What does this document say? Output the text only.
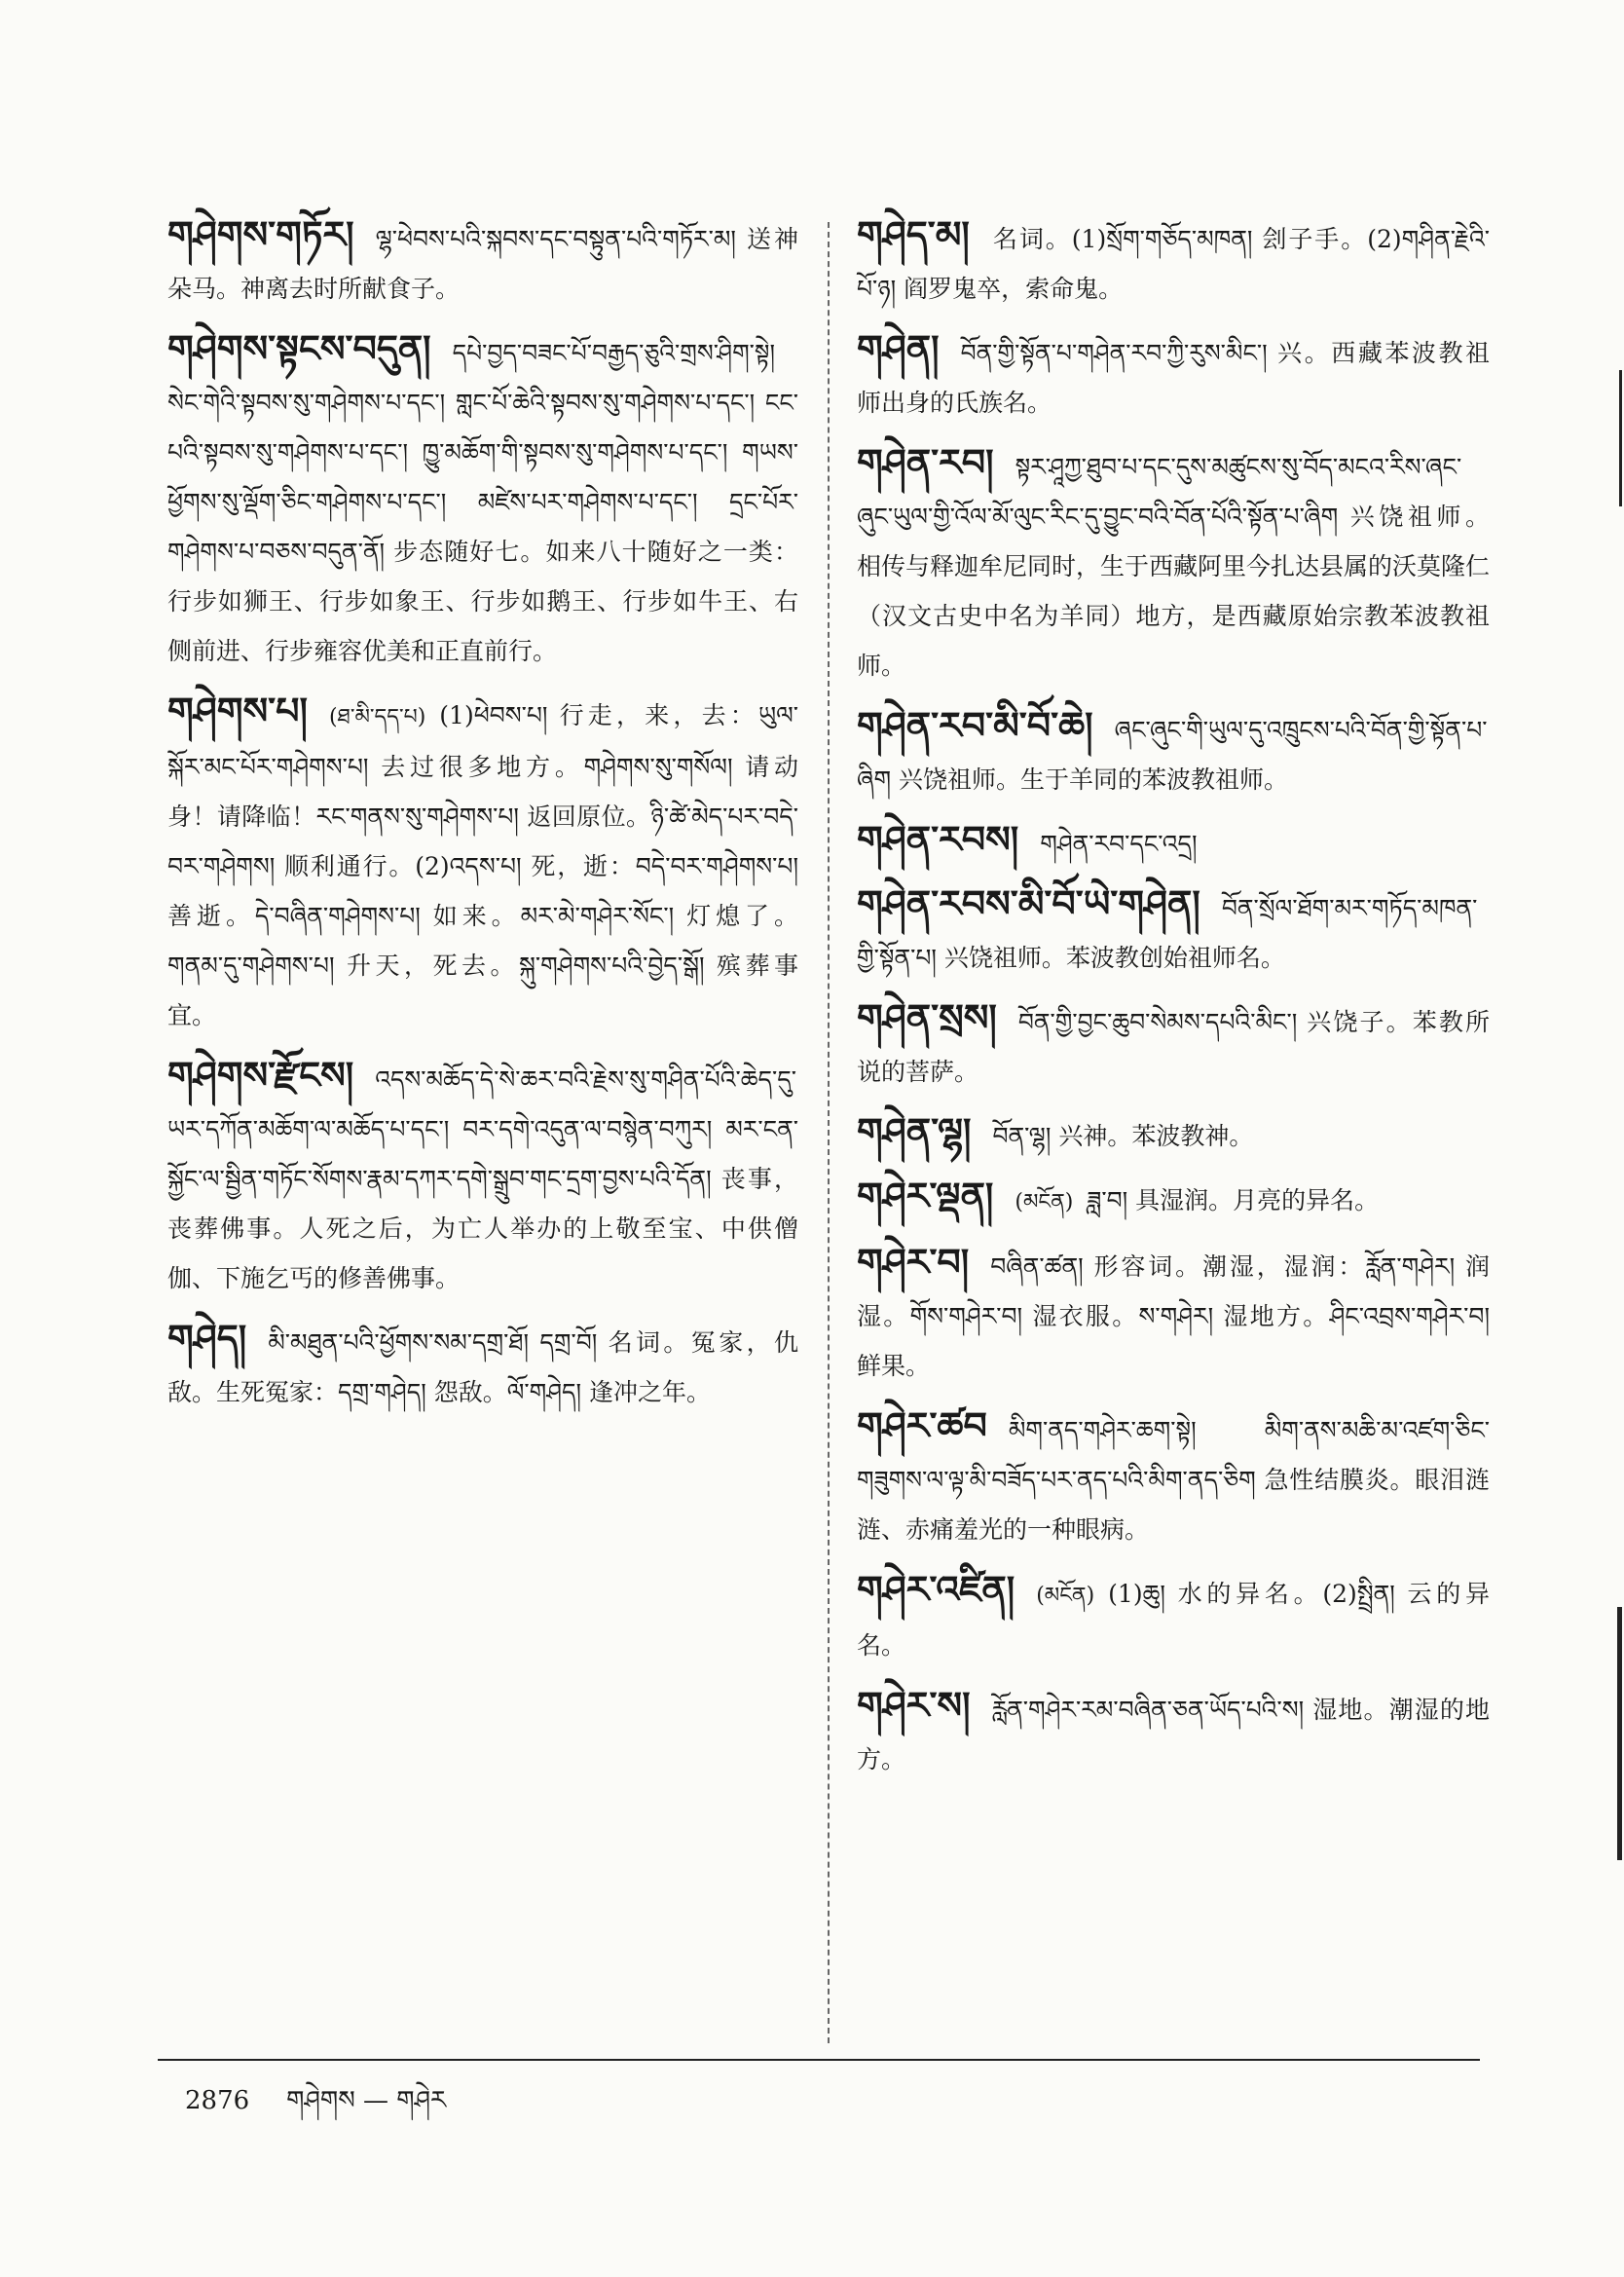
གཤེགས་གཏོར། ལྷ་ཕེབས་པའི་སྐབས་དང་བསྟུན་པའི་གཏོར་མ། 送神朵马。神离去时所献食子。

གཤེགས་སྟངས་བདུན། དཔེ་བྱད་བཟང་པོ་བརྒྱད་ཅུའི་གྲས་ཤིག་སྟེ། སེང་གེའི་སྟབས་སུ་གཤེགས་པ་དང་། གླང་པོ་ཆེའི་སྟབས་སུ་གཤེགས་པ་དང་། ངང་པའི་སྟབས་སུ་གཤེགས་པ་དང་། ཁྱུ་མཆོག་གི་སྟབས་སུ་གཤེགས་པ་དང་། གཡས་ཕྱོགས་སུ་ལྡོག་ཅིང་གཤེགས་པ་དང་། མཛེས་པར་གཤེགས་པ་དང་། དྲང་པོར་གཤེགས་པ་བཅས་བདུན་ནོ། 步态随好七。如来八十随好之一类：行步如狮王、行步如象王、行步如鹅王、行步如牛王、右侧前进、行步雍容优美和正直前行。

གཤེགས་པ། (ཐ་མི་དད་པ) (1)ཕེབས་པ། 行走，来，去：ཡུལ་སྐོར་མང་པོར་གཤེགས་པ། 去过很多地方。གཤེགས་སུ་གསོལ། 请动身！请降临！རང་གནས་སུ་གཤེགས་པ། 返回原位。ཉི་ཚེ་མེད་པར་བདེ་བར་གཤེགས། 顺利通行。(2)འདས་པ། 死，逝：བདེ་བར་གཤེགས་པ། 善逝。དེ་བཞིན་གཤེགས་པ། 如来。མར་མེ་གཤེར་སོང་། 灯熄了。གནམ་དུ་གཤེགས་པ། 升天，死去。སྐུ་གཤེགས་པའི་བྱེད་སྒོ། 殡葬事宜。

གཤེགས་རྫོངས། འདས་མཆོད་དེ་སེ་ཆར་བའི་རྗེས་སུ་གཤིན་པོའི་ཆེད་དུ་ཡར་དཀོན་མཆོག་ལ་མཆོད་པ་དང་། བར་དགེ་འདུན་ལ་བསྙེན་བཀུར། མར་ངན་སྐྱོང་ལ་སྦྱིན་གཏོང་སོགས་རྣམ་དཀར་དགེ་སྒྲུབ་གང་དྲག་བྱས་པའི་དོན། 丧事，丧葬佛事。人死之后，为亡人举办的上敬至宝、中供僧伽、下施乞丐的修善佛事。

གཤེད། མི་མཐུན་པའི་ཕྱོགས་སམ་དགྲ་ཐོ། དགྲ་བོ། 名词。冤家，仇敌。生死冤家：དགྲ་གཤེད། 怨敌。ལོ་གཤེད། 逢冲之年。

གཤེད་མ། 名词。(1)སྲོག་གཅོད་མཁན། 刽子手。(2)གཤིན་རྗེའི་པོ་ཉ། 阎罗鬼卒，索命鬼。

གཤེན། བོན་གྱི་སྟོན་པ་གཤེན་རབ་ཀྱི་རུས་མིང་། 兴。西藏苯波教祖师出身的氏族名。

གཤེན་རབ། སྟར་ཤཱཀྱ་ཐུབ་པ་དང་དུས་མཚུངས་སུ་བོད་མངའ་རིས་ཞང་ཞུང་ཡུལ་གྱི་འོལ་མོ་ལུང་རིང་དུ་བྱུང་བའི་བོན་པོའི་སྟོན་པ་ཞིག 兴饶祖师。相传与释迦牟尼同时，生于西藏阿里今扎达县属的沃莫隆仁（汉文古史中名为羊同）地方，是西藏原始宗教苯波教祖师。

གཤེན་རབ་མི་བོ་ཆེ། ཞང་ཞུང་གི་ཡུལ་དུ་འཁྲུངས་པའི་བོན་གྱི་སྟོན་པ་ཞིག 兴饶祖师。生于羊同的苯波教祖师。

གཤེན་རབས། གཤེན་རབ་དང་འདྲ།

གཤེན་རབས་མི་བོ་ཡེ་གཤེན། བོན་སྲོལ་ཐོག་མར་གཏོད་མཁན་གྱི་སྟོན་པ། 兴饶祖师。苯波教创始祖师名。

གཤེན་སྲས། བོན་གྱི་བྱང་ཆུབ་སེམས་དཔའི་མིང་། 兴饶子。苯教所说的菩萨。

གཤེན་ལྷ། བོན་ལྷ། 兴神。苯波教神。

གཤེར་ལྡན། (མངོན) ཟླ་བ། 具湿润。月亮的异名。

གཤེར་བ། བཞིན་ཚན། 形容词。潮湿，湿润：རློན་གཤེར། 润湿。གོས་གཤེར་བ། 湿衣服。ས་གཤེར། 湿地方。ཤིང་འབྲས་གཤེར་བ། 鲜果。

གཤེར་ཚབ མིག་ནད་གཤེར་ཆག་སྟེ། མིག་ནས་མཆི་མ་འཛག་ཅིང་གཟུགས་ལ་ལྟ་མི་བཟོད་པར་ནད་པའི་མིག་ནད་ཅིག 急性结膜炎。眼泪涟涟、赤痛羞光的一种眼病。

གཤེར་འཛིན། (མངོན) (1)ཆུ། 水的异名。(2)སྤྲིན། 云的异名。

གཤེར་ས། རློན་གཤེར་རམ་བཞིན་ཅན་ཡོད་པའི་ས། 湿地。潮湿的地方。

2876 གཤེགས — གཤེར
